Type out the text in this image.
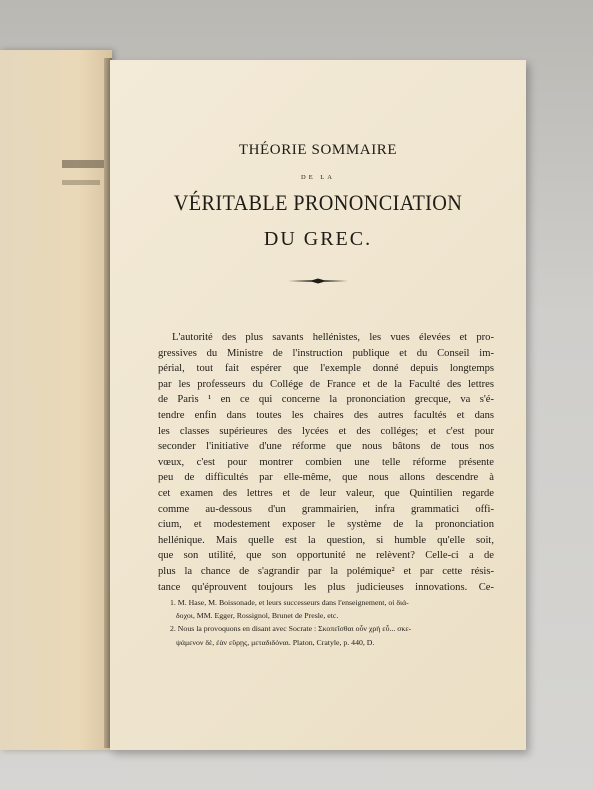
THÉORIE SOMMAIRE
DE LA
VÉRITABLE PRONONCIATION
DU GREC.
L'autorité des plus savants hellénistes, les vues élevées et pro-
gressives du Ministre de l'instruction publique et du Conseil im-
périal, tout fait espérer que l'exemple donné depuis longtemps
par les professeurs du Collége de France et de la Faculté des lettres
de Paris ¹ en ce qui concerne la prononciation grecque, va s'é-
tendre enfin dans toutes les chaires des autres facultés et dans
les classes supérieures des lycées et des colléges; et c'est pour
seconder l'initiative d'une réforme que nous bâtons de tous nos
vœux, c'est pour montrer combien une telle réforme présente
peu de difficultés par elle-même, que nous allons descendre à
cet examen des lettres et de leur valeur, que Quintilien regarde
comme au-dessous d'un grammairien, infra grammatici offi-
cium, et modestement exposer le système de la prononciation
hellénique. Mais quelle est la question, si humble qu'elle soit,
que son utilité, que son opportunité ne relèvent? Celle-ci a de
plus la chance de s'agrandir par la polémique² et par cette résis-
tance qu'éprouvent toujours les plus judicieuses innovations. Ce-
1. M. Hase, M. Boissonade, et leurs successeurs dans l'enseignement, οἱ διά-
δοχοι, MM. Egger, Rossignol, Brunet de Presle, etc.
2. Nous la provoquons en disant avec Socrate : Σκοπεῖσθαι οὖν χρὴ εὖ... σκε-
ψάμενον δὲ, ἐὰν εὕρῃς, μεταδιδόναι. Platon, Cratyle, p. 440, D.
